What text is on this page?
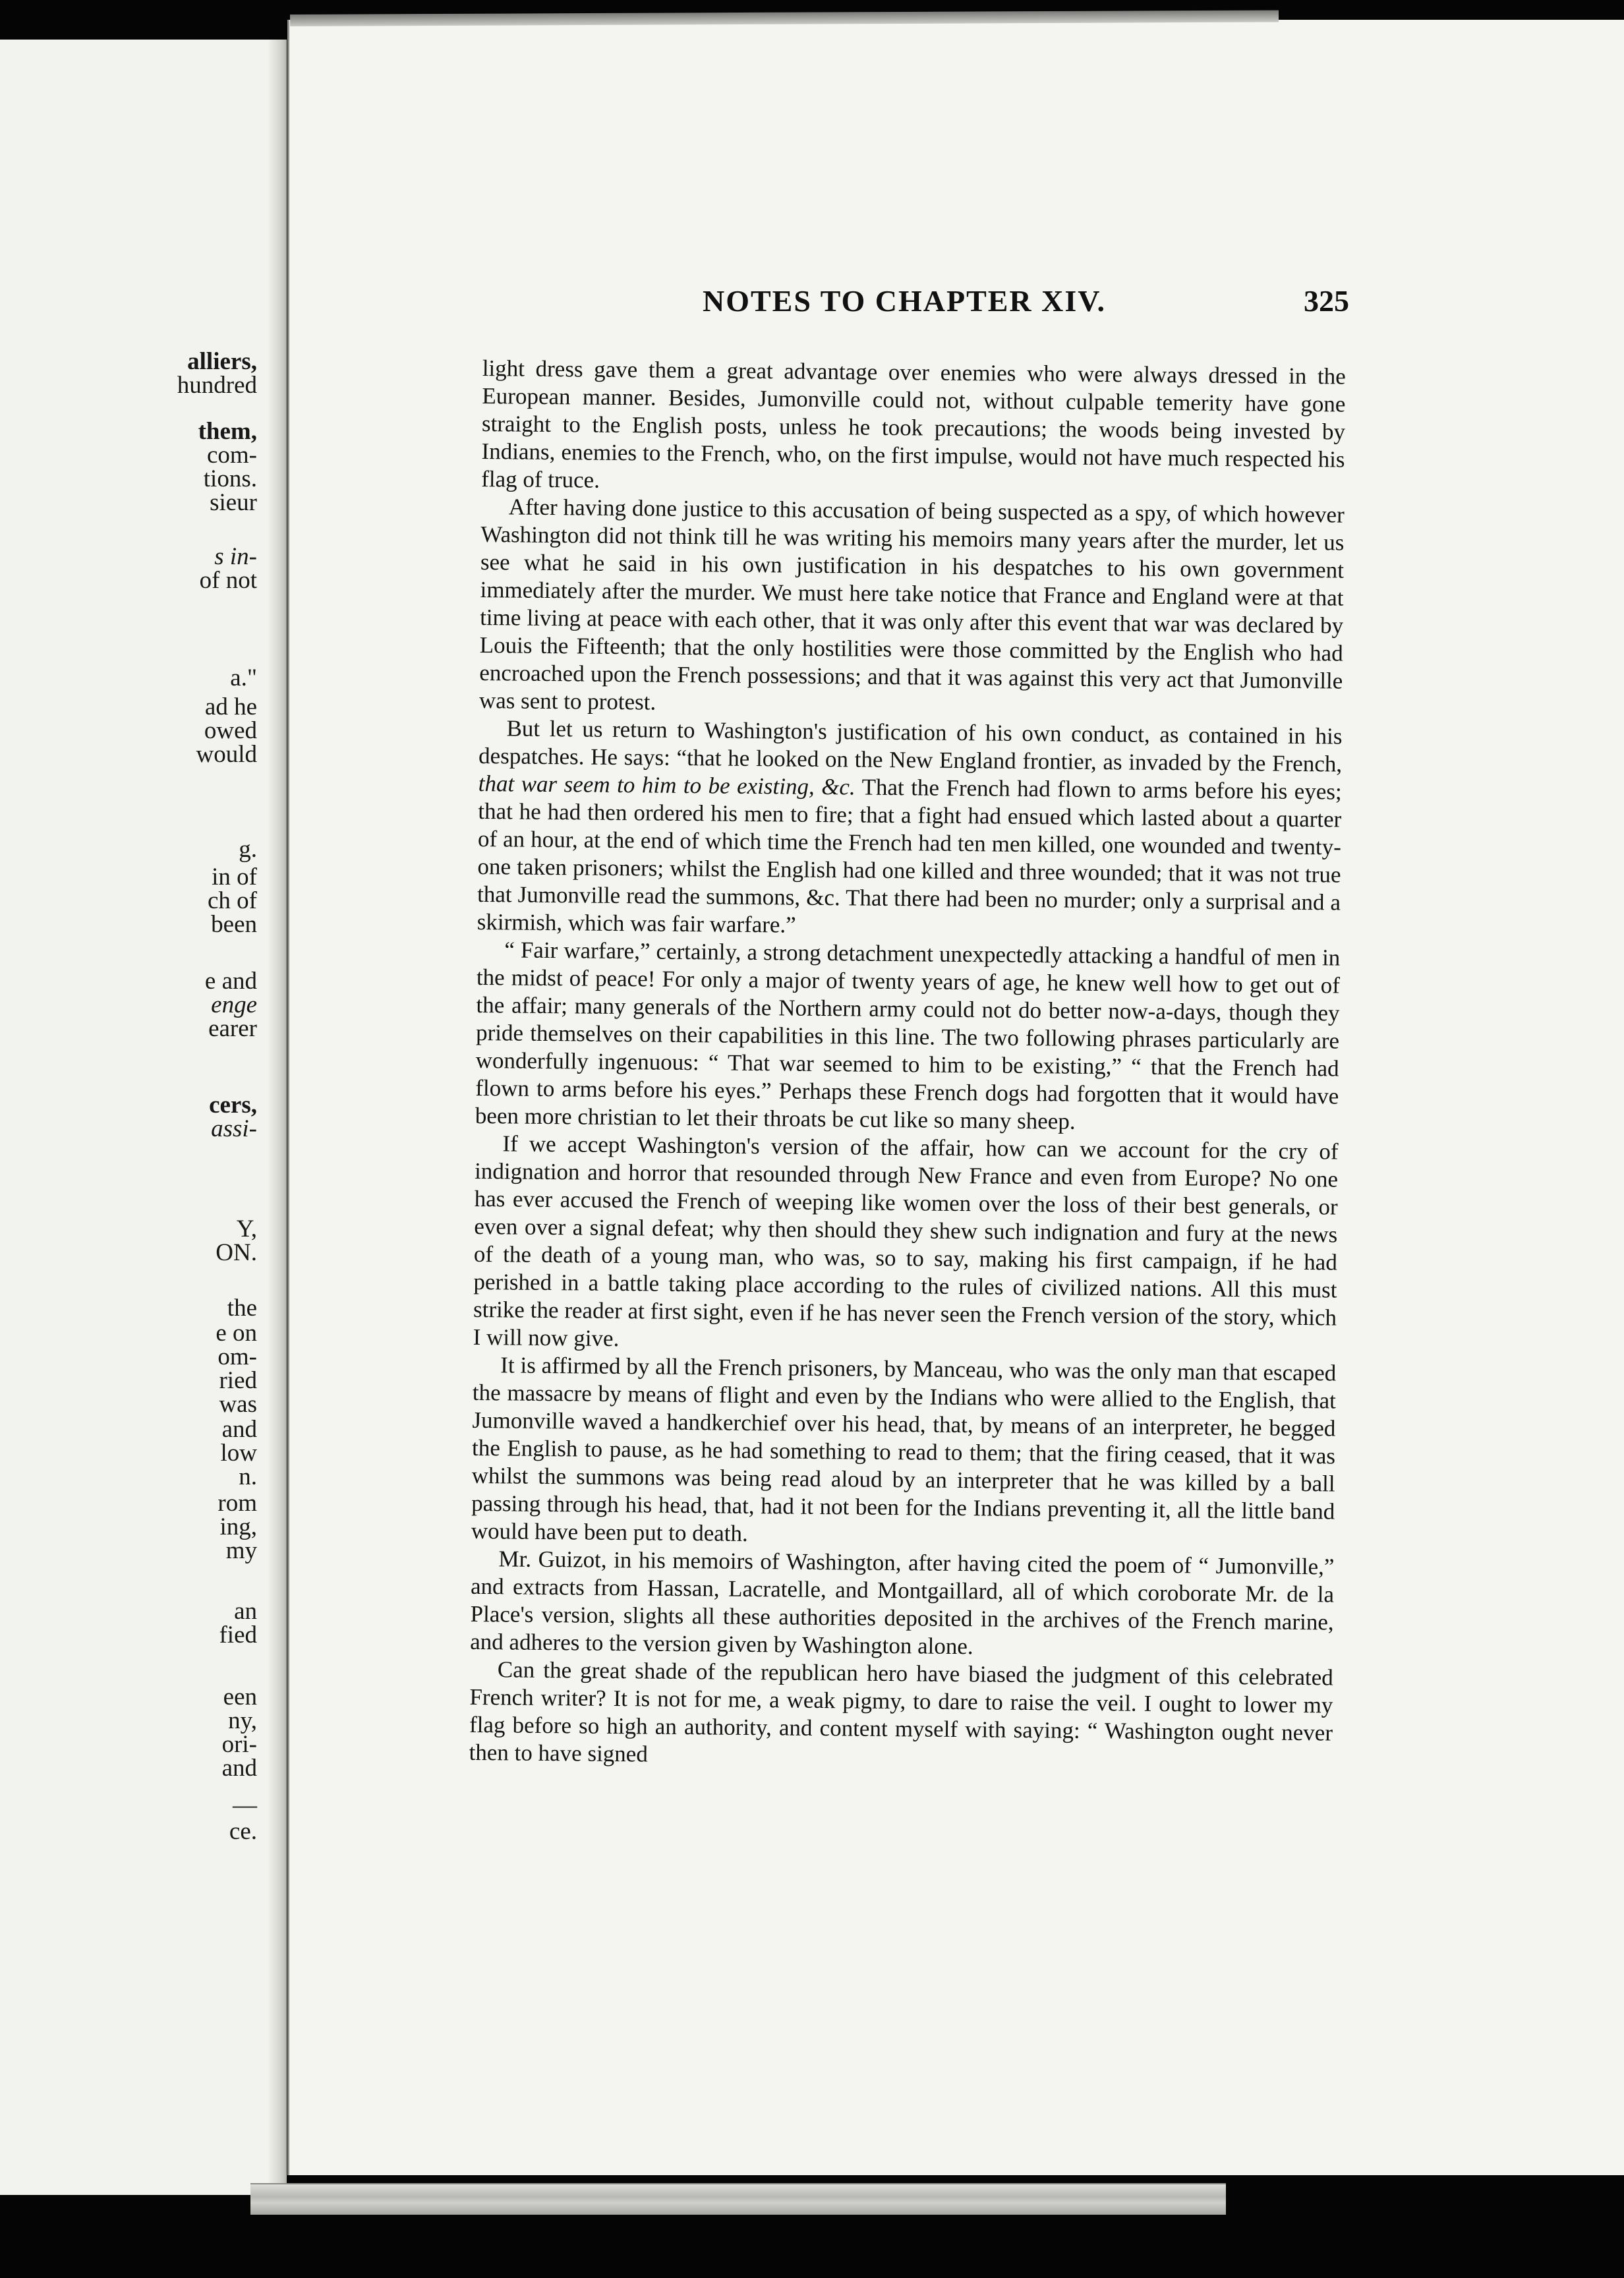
alliers,

hundred

them,

com-

tions.

sieur

s in-

of not

a."

ad he

owed

would

g.

in of

ch of

been

e and

enge

earer

cers,

assi-

Y,

ON.

the

e on

om-

ried

was

and

low

n.

rom

ing,

my

an

fied

een

ny,

ori-

and

—

ce.

NOTES TO CHAPTER XIV.	325

light dress gave them a great advantage over enemies who were always dressed in the European manner. Besides, Jumonville could not, without culpable temerity have gone straight to the English posts, unless he took precautions; the woods being invested by Indians, enemies to the French, who, on the first impulse, would not have much respected his flag of truce.

After having done justice to this accusation of being suspected as a spy, of which however Washington did not think till he was writing his memoirs many years after the murder, let us see what he said in his own justification in his despatches to his own government immediately after the murder. We must here take notice that France and England were at that time living at peace with each other, that it was only after this event that war was declared by Louis the Fifteenth; that the only hostilities were those committed by the English who had encroached upon the French possessions; and that it was against this very act that Jumonville was sent to protest.

But let us return to Washington's justification of his own conduct, as contained in his despatches. He says: “that he looked on the New England frontier, as invaded by the French, that war seem to him to be existing, &c. That the French had flown to arms before his eyes; that he had then ordered his men to fire; that a fight had ensued which lasted about a quarter of an hour, at the end of which time the French had ten men killed, one wounded and twenty-one taken prisoners; whilst the English had one killed and three wounded; that it was not true that Jumonville read the summons, &c. That there had been no murder; only a surprisal and a skirmish, which was fair warfare.”

“ Fair warfare,” certainly, a strong detachment unexpectedly attacking a handful of men in the midst of peace! For only a major of twenty years of age, he knew well how to get out of the affair; many generals of the Northern army could not do better now-a-days, though they pride themselves on their capabilities in this line. The two following phrases particularly are wonderfully ingenuous: “ That war seemed to him to be existing,” “ that the French had flown to arms before his eyes.” Perhaps these French dogs had forgotten that it would have been more christian to let their throats be cut like so many sheep.

If we accept Washington's version of the affair, how can we account for the cry of indignation and horror that resounded through New France and even from Europe? No one has ever accused the French of weeping like women over the loss of their best generals, or even over a signal defeat; why then should they shew such indignation and fury at the news of the death of a young man, who was, so to say, making his first campaign, if he had perished in a battle taking place according to the rules of civilized nations. All this must strike the reader at first sight, even if he has never seen the French version of the story, which I will now give.

It is affirmed by all the French prisoners, by Manceau, who was the only man that escaped the massacre by means of flight and even by the Indians who were allied to the English, that Jumonville waved a handkerchief over his head, that, by means of an interpreter, he begged the English to pause, as he had something to read to them; that the firing ceased, that it was whilst the summons was being read aloud by an interpreter that he was killed by a ball passing through his head, that, had it not been for the Indians preventing it, all the little band would have been put to death.

Mr. Guizot, in his memoirs of Washington, after having cited the poem of “ Jumonville,” and extracts from Hassan, Lacratelle, and Montgaillard, all of which coroborate Mr. de la Place's version, slights all these authorities deposited in the archives of the French marine, and adheres to the version given by Washington alone.

Can the great shade of the republican hero have biased the judgment of this celebrated French writer? It is not for me, a weak pigmy, to dare to raise the veil. I ought to lower my flag before so high an authority, and content myself with saying: “ Washington ought never then to have signed
